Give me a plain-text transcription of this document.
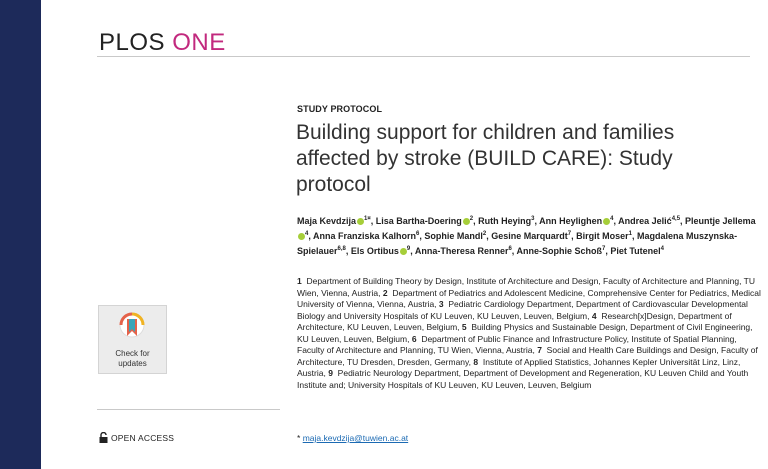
PLOS ONE
STUDY PROTOCOL
Building support for children and families affected by stroke (BUILD CARE): Study protocol
Maja Kevdzija $^{1¤}$, Lisa Bartha-Doering $^2$, Ruth Heying$^3$, Ann Heylighen $^4$, Andrea Jelić$^{4,5}$, Pleuntje Jellema$^4$, Anna Franziska Kalhorn$^6$, Sophie Mandl$^2$, Gesine Marquardt$^7$, Birgit Moser$^1$, Magdalena Muszynska-Spielauer$^{6,8}$, Els Ortibus $^9$, Anna-Theresa Renner$^6$, Anne-Sophie Schoß$^7$, Piet Tutenel$^4$
1 Department of Building Theory by Design, Institute of Architecture and Design, Faculty of Architecture and Planning, TU Wien, Vienna, Austria, 2 Department of Pediatrics and Adolescent Medicine, Comprehensive Center for Pediatrics, Medical University of Vienna, Vienna, Austria, 3 Pediatric Cardiology Department, Department of Cardiovascular Developmental Biology and University Hospitals of KU Leuven, KU Leuven, Leuven, Belgium, 4 Research[x]Design, Department of Architecture, KU Leuven, Leuven, Belgium, 5 Building Physics and Sustainable Design, Department of Civil Engineering, KU Leuven, Leuven, Belgium, 6 Department of Public Finance and Infrastructure Policy, Institute of Spatial Planning, Faculty of Architecture and Planning, TU Wien, Vienna, Austria, 7 Social and Health Care Buildings and Design, Faculty of Architecture, TU Dresden, Dresden, Germany, 8 Institute of Applied Statistics, Johannes Kepler Universität Linz, Linz, Austria, 9 Pediatric Neurology Department, Department of Development and Regeneration, KU Leuven Child and Youth Institute and; University Hospitals of KU Leuven, KU Leuven, Leuven, Belgium
* maja.kevdzija@tuwien.ac.at
Check for
updates
OPEN ACCESS
